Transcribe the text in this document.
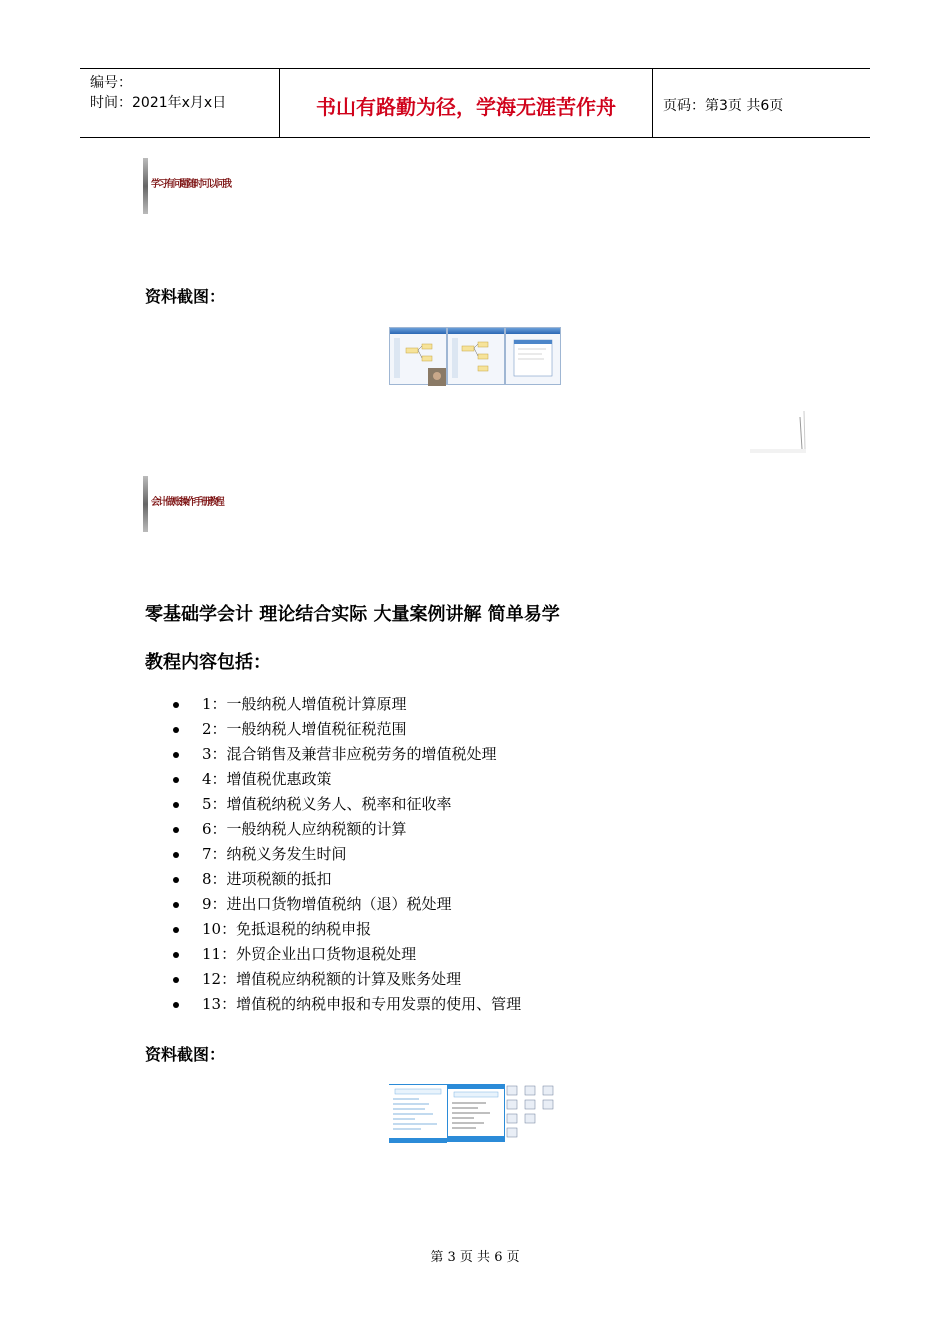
编号：
时间：2021年x月x日	书山有路勤为径，学海无涯苦作舟	页码：第3页 共6页
学习有问题随时可以问我
资料截图：
会计做账操作手册教程
零基础学会计 理论结合实际 大量案例讲解 简单易学
教程内容包括：
1：一般纳税人增值税计算原理
2：一般纳税人增值税征税范围
3：混合销售及兼营非应税劳务的增值税处理
4：增值税优惠政策
5：增值税纳税义务人、税率和征收率
6：一般纳税人应纳税额的计算
7：纳税义务发生时间
8：进项税额的抵扣
9：进出口货物增值税纳（退）税处理
10：免抵退税的纳税申报
11：外贸企业出口货物退税处理
12：增值税应纳税额的计算及账务处理
13：增值税的纳税申报和专用发票的使用、管理
资料截图：
第 3 页 共 6 页
